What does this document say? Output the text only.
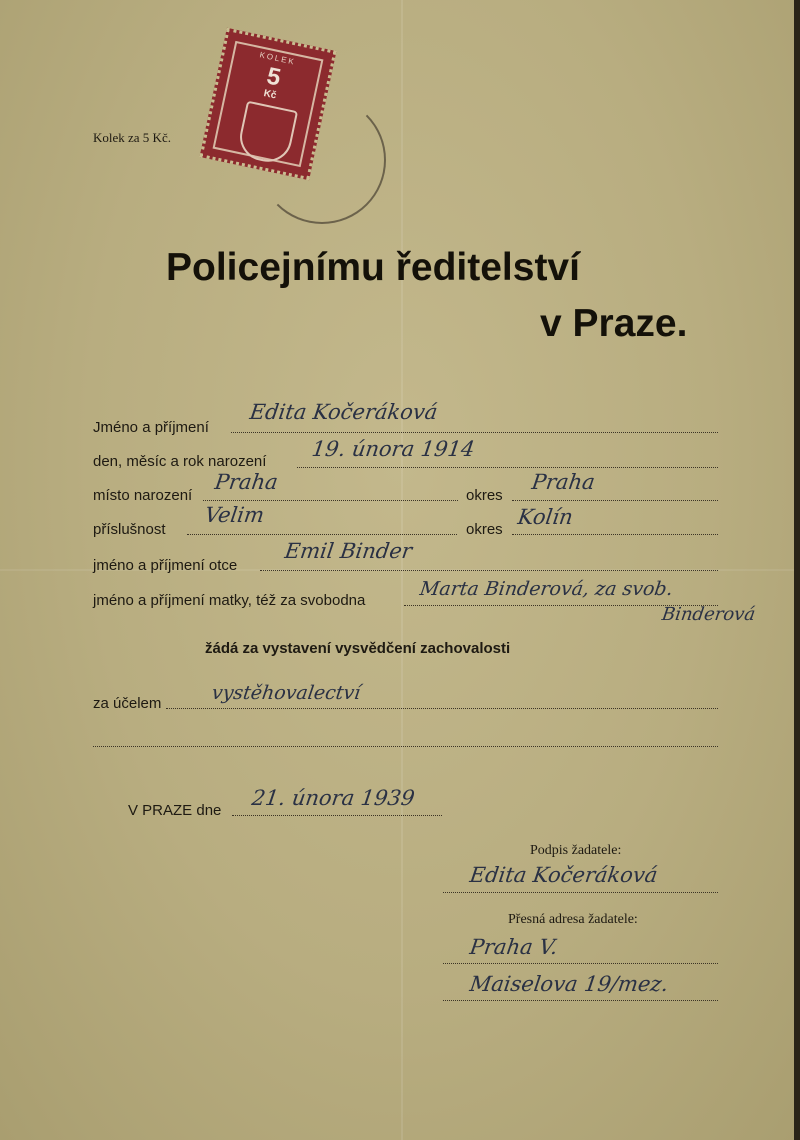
Kolek za 5 Kč.
KOLEK
5
Kč
Policejnímu ředitelství
v Praze.
Jméno a příjmení
Edita Kočeráková
den, měsíc a rok narození
19. února 1914
místo narození
Praha
okres
Praha
příslušnost
Velim
okres
Kolín
jméno a příjmení otce
Emil Binder
jméno a příjmení matky, též za svobodna
Marta Binderová, za svob.
Binderová
žádá za vystavení vysvědčení zachovalosti
za účelem	vystěhovalectví
V PRAZE dne
21. února 1939
Podpis žadatele:
Edita Kočeráková
Přesná adresa žadatele:
Praha V.
Maiselova 19/mez.
